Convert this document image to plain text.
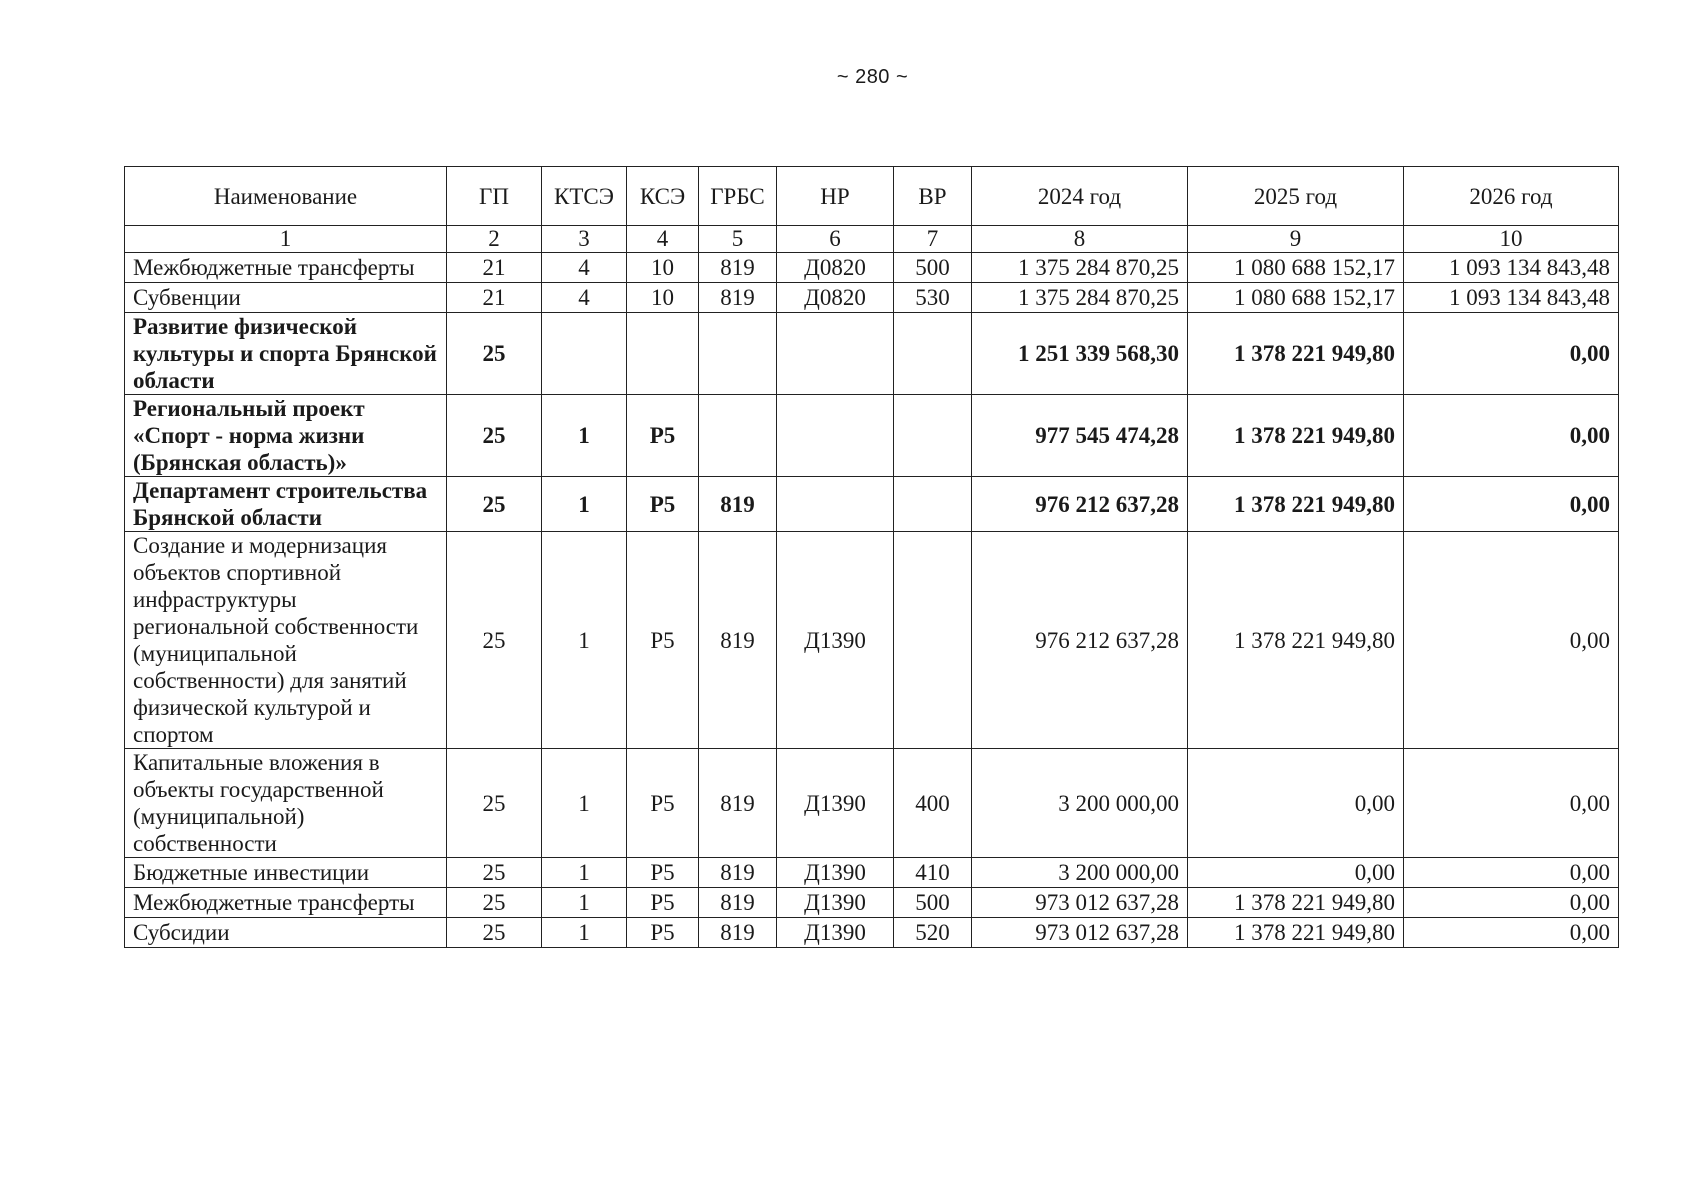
~ 280 ~
Наименование	ГП	КТСЭ	КСЭ	ГРБС	НР	ВР	2024 год	2025 год	2026 год
1	2	3	4	5	6	7	8	9	10
Межбюджетные трансферты	21	4	10	819	Д0820	500	1 375 284 870,25	1 080 688 152,17	1 093 134 843,48
Субвенции	21	4	10	819	Д0820	530	1 375 284 870,25	1 080 688 152,17	1 093 134 843,48
Развитие физической культуры и спорта Брянской области	25						1 251 339 568,30	1 378 221 949,80	0,00
Региональный проект «Спорт - норма жизни (Брянская область)»	25	1	Р5				977 545 474,28	1 378 221 949,80	0,00
Департамент строительства Брянской области	25	1	Р5	819			976 212 637,28	1 378 221 949,80	0,00
Создание и модернизация объектов спортивной инфраструктуры региональной собственности (муниципальной собственности) для занятий физической культурой и спортом	25	1	Р5	819	Д1390		976 212 637,28	1 378 221 949,80	0,00
Капитальные вложения в объекты государственной (муниципальной) собственности	25	1	Р5	819	Д1390	400	3 200 000,00	0,00	0,00
Бюджетные инвестиции	25	1	Р5	819	Д1390	410	3 200 000,00	0,00	0,00
Межбюджетные трансферты	25	1	Р5	819	Д1390	500	973 012 637,28	1 378 221 949,80	0,00
Субсидии	25	1	Р5	819	Д1390	520	973 012 637,28	1 378 221 949,80	0,00
